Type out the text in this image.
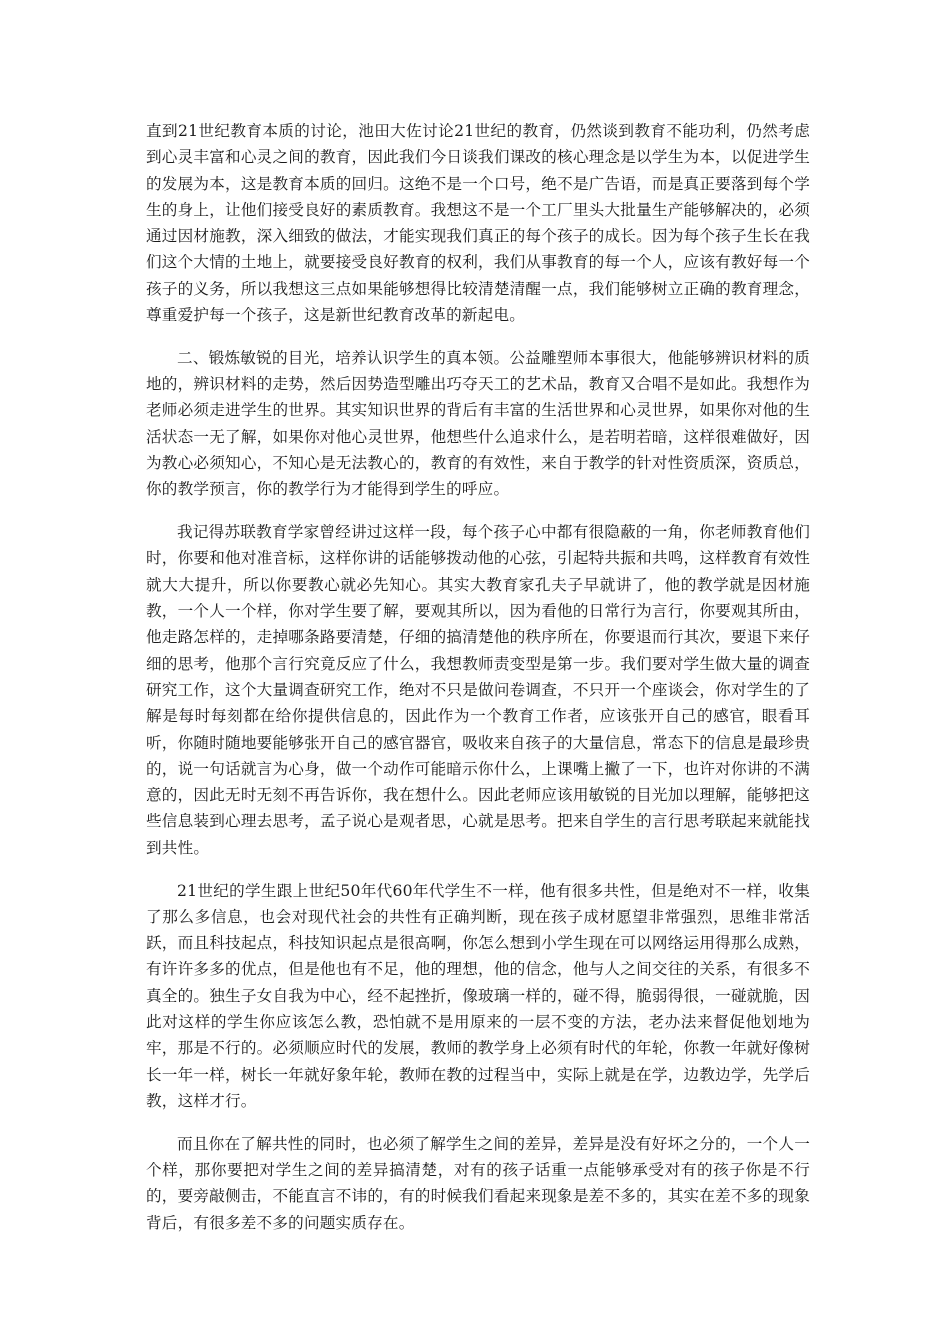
直到21世纪教育本质的讨论，池田大佐讨论21世纪的教育，仍然谈到教育不能功利，仍然考虑到心灵丰富和心灵之间的教育，因此我们今日谈我们课改的核心理念是以学生为本，以促进学生的发展为本，这是教育本质的回归。这绝不是一个口号，绝不是广告语，而是真正要落到每个学生的身上，让他们接受良好的素质教育。我想这不是一个工厂里头大批量生产能够解决的，必须通过因材施教，深入细致的做法，才能实现我们真正的每个孩子的成长。因为每个孩子生长在我们这个大情的土地上，就要接受良好教育的权利，我们从事教育的每一个人，应该有教好每一个孩子的义务，所以我想这三点如果能够想得比较清楚清醒一点，我们能够树立正确的教育理念，尊重爱护每一个孩子，这是新世纪教育改革的新起电。

二、锻炼敏锐的目光，培养认识学生的真本领。公益雕塑师本事很大，他能够辨识材料的质地的，辨识材料的走势，然后因势造型雕出巧夺天工的艺术品，教育又合唱不是如此。我想作为老师必须走进学生的世界。其实知识世界的背后有丰富的生活世界和心灵世界，如果你对他的生活状态一无了解，如果你对他心灵世界，他想些什么追求什么，是若明若暗，这样很难做好，因为教心必须知心，不知心是无法教心的，教育的有效性，来自于教学的针对性资质深，资质总，你的教学预言，你的教学行为才能得到学生的呼应。

我记得苏联教育学家曾经讲过这样一段，每个孩子心中都有很隐蔽的一角，你老师教育他们时，你要和他对准音标，这样你讲的话能够拨动他的心弦，引起特共振和共鸣，这样教育有效性就大大提升，所以你要教心就必先知心。其实大教育家孔夫子早就讲了，他的教学就是因材施教，一个人一个样，你对学生要了解，要观其所以，因为看他的日常行为言行，你要观其所由，他走路怎样的，走掉哪条路要清楚，仔细的搞清楚他的秩序所在，你要退而行其次，要退下来仔细的思考，他那个言行究竟反应了什么，我想教师责变型是第一步。我们要对学生做大量的调查研究工作，这个大量调查研究工作，绝对不只是做问卷调查，不只开一个座谈会，你对学生的了解是每时每刻都在给你提供信息的，因此作为一个教育工作者，应该张开自己的感官，眼看耳听，你随时随地要能够张开自己的感官器官，吸收来自孩子的大量信息，常态下的信息是最珍贵的，说一句话就言为心身，做一个动作可能暗示你什么，上课嘴上撇了一下，也许对你讲的不满意的，因此无时无刻不再告诉你，我在想什么。因此老师应该用敏锐的目光加以理解，能够把这些信息装到心理去思考，孟子说心是观者思，心就是思考。把来自学生的言行思考联起来就能找到共性。

21世纪的学生跟上世纪50年代60年代学生不一样，他有很多共性，但是绝对不一样，收集了那么多信息，也会对现代社会的共性有正确判断，现在孩子成材愿望非常强烈，思维非常活跃，而且科技起点，科技知识起点是很高啊，你怎么想到小学生现在可以网络运用得那么成熟，有许许多多的优点，但是他也有不足，他的理想，他的信念，他与人之间交往的关系，有很多不真全的。独生子女自我为中心，经不起挫折，像玻璃一样的，碰不得，脆弱得很，一碰就脆，因此对这样的学生你应该怎么教，恐怕就不是用原来的一层不变的方法，老办法来督促他划地为牢，那是不行的。必须顺应时代的发展，教师的教学身上必须有时代的年轮，你教一年就好像树长一年一样，树长一年就好象年轮，教师在教的过程当中，实际上就是在学，边教边学，先学后教，这样才行。

而且你在了解共性的同时，也必须了解学生之间的差异，差异是没有好坏之分的，一个人一个样，那你要把对学生之间的差异搞清楚，对有的孩子话重一点能够承受对有的孩子你是不行的，要旁敲侧击，不能直言不讳的，有的时候我们看起来现象是差不多的，其实在差不多的现象背后，有很多差不多的问题实质存在。
